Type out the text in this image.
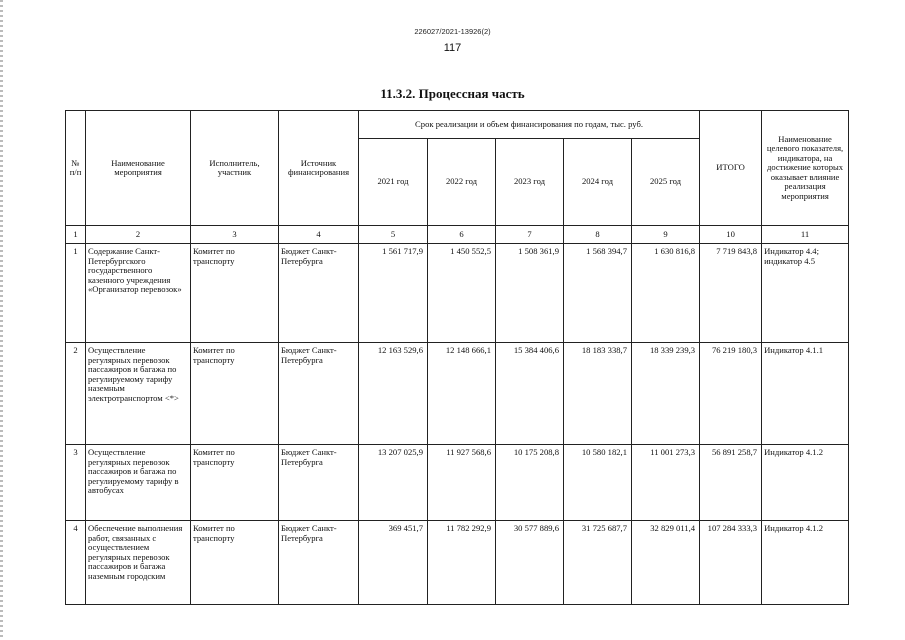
226027/2021-13926(2)
117
11.3.2. Процессная часть
№ п/п	Наименование мероприятия	Исполнитель, участник	Источник финансирования	Срок реализации и объем финансирования по годам, тыс. руб.					ИТОГО	Наименование целевого показателя, индикатора, на достижение которых оказывает влияние реализация мероприятия
				2021 год	2022 год	2023 год	2024 год	2025 год		
1	2	3	4	5	6	7	8	9	10	11
1	Содержание Санкт-Петербургского государственного казенного учреждения «Организатор перевозок»	Комитет по транспорту	Бюджет Санкт-Петербурга	1 561 717,9	1 450 552,5	1 508 361,9	1 568 394,7	1 630 816,8	7 719 843,8	Индикатор 4.4; индикатор 4.5
2	Осуществление регулярных перевозок пассажиров и багажа по регулируемому тарифу наземным электротранспортом <*>	Комитет по транспорту	Бюджет Санкт-Петербурга	12 163 529,6	12 148 666,1	15 384 406,6	18 183 338,7	18 339 239,3	76 219 180,3	Индикатор 4.1.1
3	Осуществление регулярных перевозок пассажиров и багажа по регулируемому тарифу в автобусах	Комитет по транспорту	Бюджет Санкт-Петербурга	13 207 025,9	11 927 568,6	10 175 208,8	10 580 182,1	11 001 273,3	56 891 258,7	Индикатор 4.1.2
4	Обеспечение выполнения работ, связанных с осуществлением регулярных перевозок пассажиров и багажа наземным городским	Комитет по транспорту	Бюджет Санкт-Петербурга	369 451,7	11 782 292,9	30 577 889,6	31 725 687,7	32 829 011,4	107 284 333,3	Индикатор 4.1.2
